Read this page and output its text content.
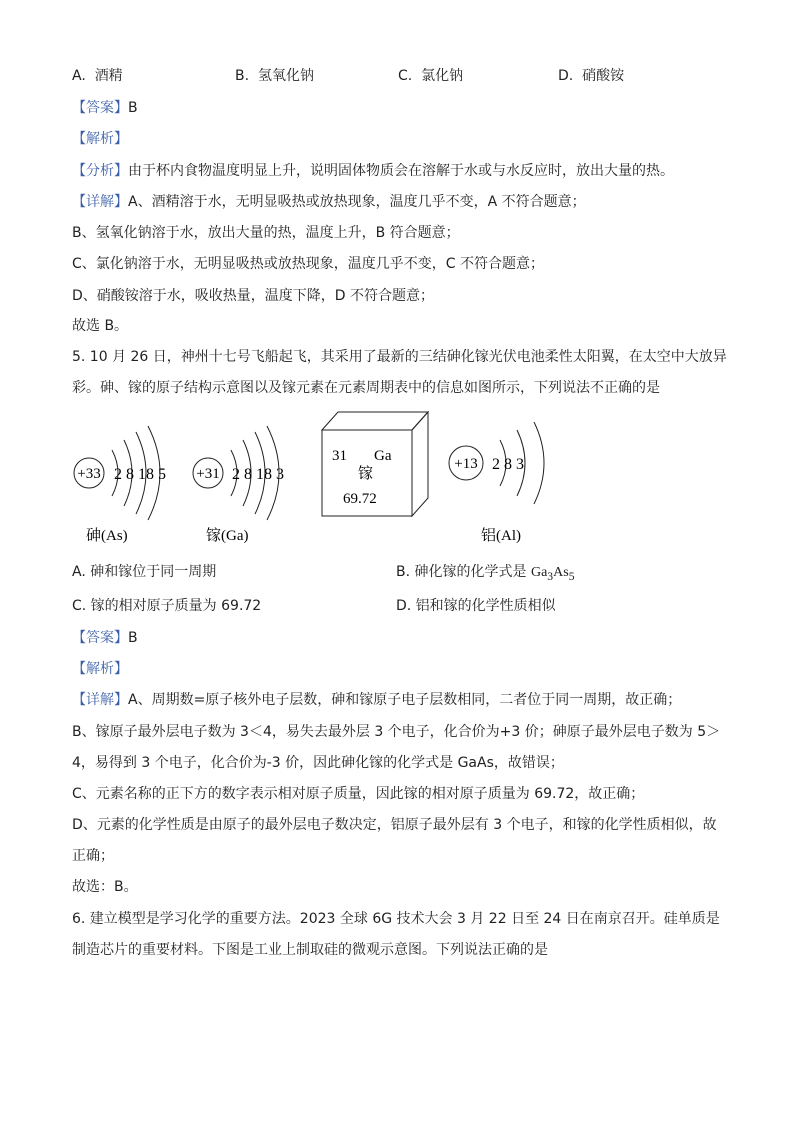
A. 酒精	B. 氢氧化钠	C. 氯化钠	D. 硝酸铵
【答案】B
【解析】
【分析】由于杯内食物温度明显上升，说明固体物质会在溶解于水或与水反应时，放出大量的热。
【详解】A、酒精溶于水，无明显吸热或放热现象，温度几乎不变，A 不符合题意；
B、氢氧化钠溶于水，放出大量的热，温度上升，B 符合题意；
C、氯化钠溶于水，无明显吸热或放热现象，温度几乎不变，C 不符合题意；
D、硝酸铵溶于水，吸收热量，温度下降，D 不符合题意；
故选 B。
5. 10 月 26 日，神州十七号飞船起飞，其采用了最新的三结砷化镓光伏电池柔性太阳翼，在太空中大放异
彩。砷、镓的原子结构示意图以及镓元素在元素周期表中的信息如图所示，下列说法不正确的是
+33 2 8 18 5
砷(As)
+31 2 8 18 3
镓(Ga)
31 Ga
镓
69.72
+13 2 8 3
铝(Al)
A. 砷和镓位于同一周期	B. 砷化镓的化学式是 $Ga_3As_5$
C. 镓的相对原子质量为 69.72	D. 铝和镓的化学性质相似
【答案】B
【解析】
【详解】A、周期数=原子核外电子层数，砷和镓原子电子层数相同，二者位于同一周期，故正确；
B、镓原子最外层电子数为 3＜4，易失去最外层 3 个电子，化合价为+3 价；砷原子最外层电子数为 5＞
4，易得到 3 个电子，化合价为-3 价，因此砷化镓的化学式是 GaAs，故错误；
C、元素名称的正下方的数字表示相对原子质量，因此镓的相对原子质量为 69.72，故正确；
D、元素的化学性质是由原子的最外层电子数决定，铝原子最外层有 3 个电子，和镓的化学性质相似，故
正确；
故选：B。
6. 建立模型是学习化学的重要方法。2023 全球 6G 技术大会 3 月 22 日至 24 日在南京召开。硅单质是
制造芯片的重要材料。下图是工业上制取硅的微观示意图。下列说法正确的是
